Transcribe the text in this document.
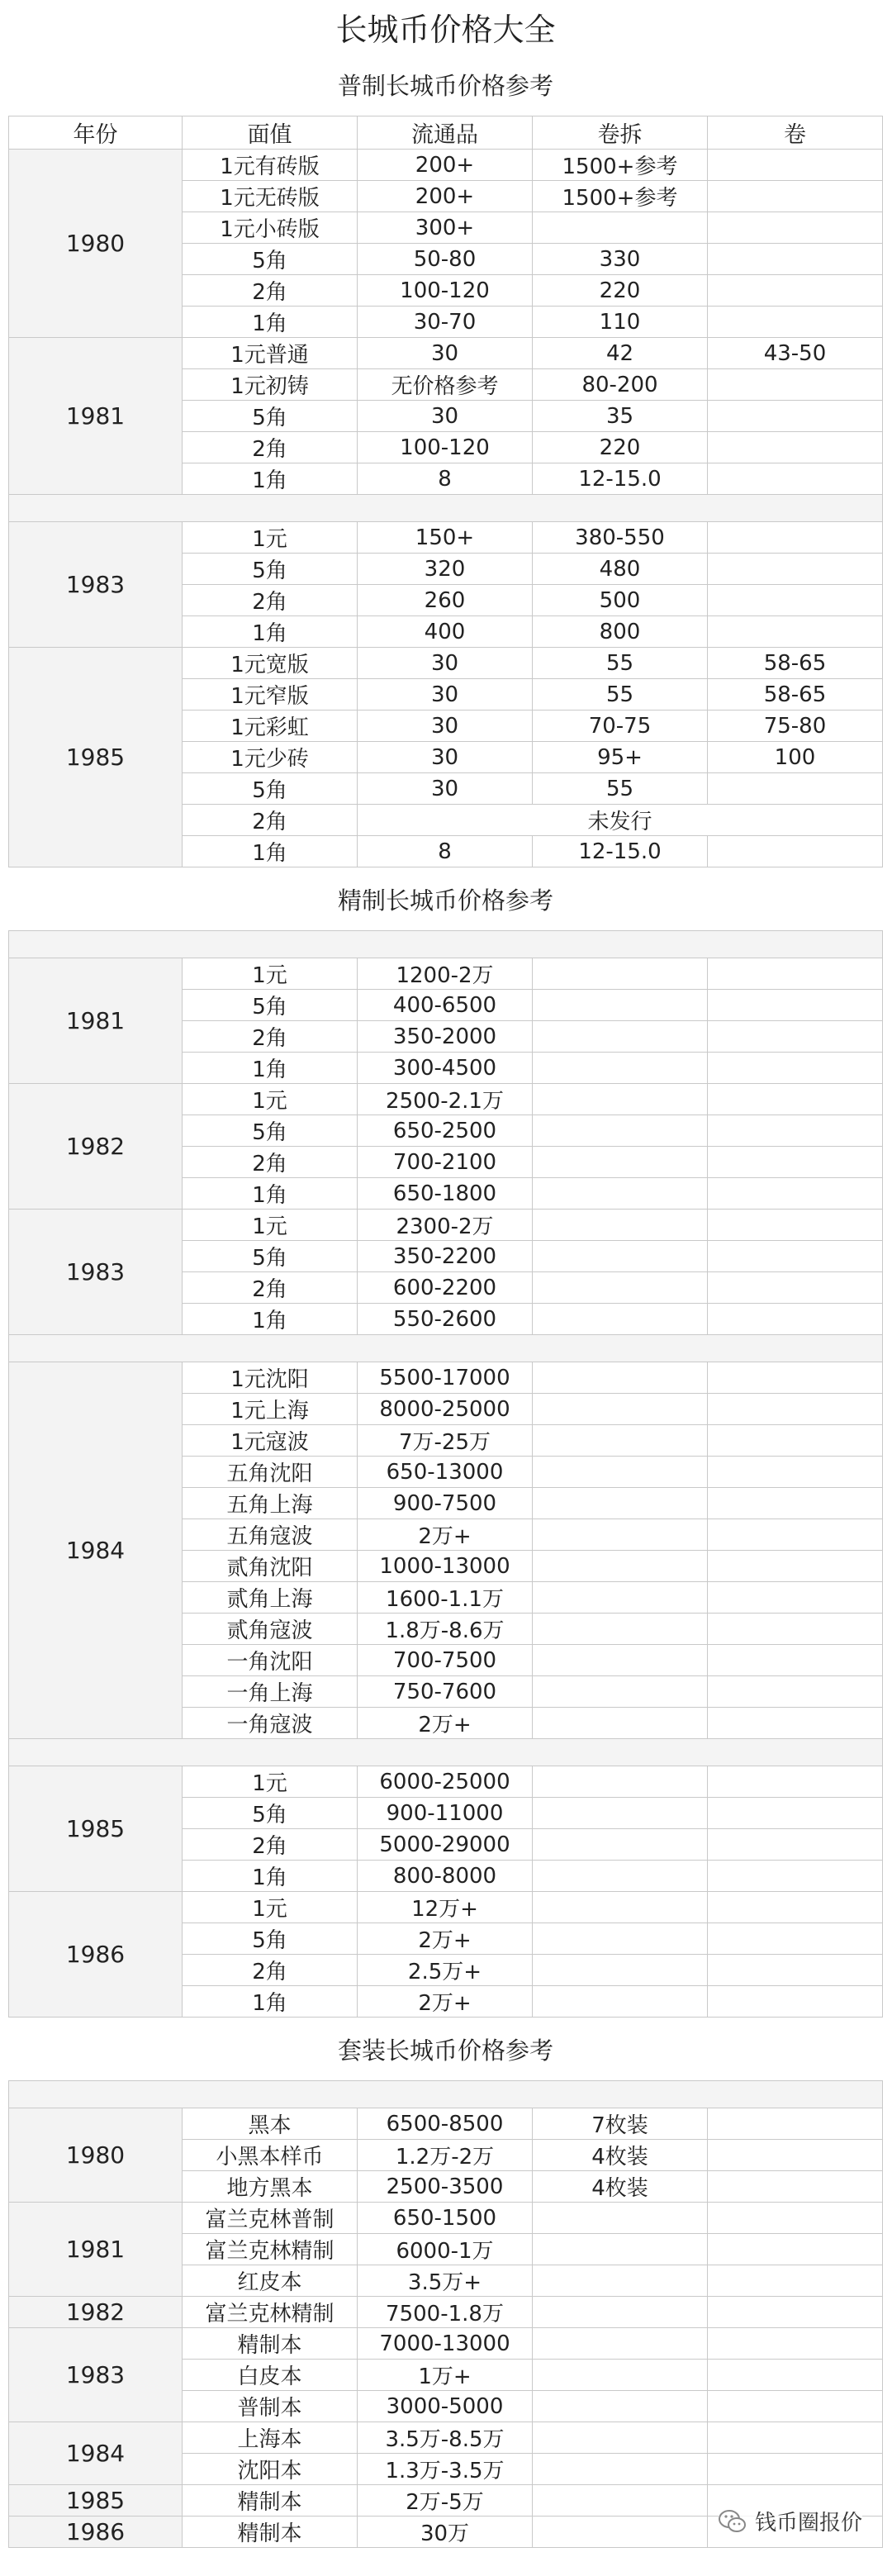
长城币价格大全				
普制长城币价格参考				
年份	面值	流通品	卷拆	卷
1980	1元有砖版	200+	1500+参考	
	1元无砖版	200+	1500+参考	
	1元小砖版	300+		
	5角	50-80	330	
	2角	100-120	220	
	1角	30-70	110	
1981	1元普通	30	42	43-50
	1元初铸	无价格参考	80-200	
	5角	30	35	
	2角	100-120	220	
	1角	8	12-15.0	

1983	1元	150+	380-550	
	5角	320	480	
	2角	260	500	
	1角	400	800	
1985	1元宽版	30	55	58-65
	1元窄版	30	55	58-65
	1元彩虹	30	70-75	75-80
	1元少砖	30	95+	100
	5角	30	55	
	2角	未发行		
	1角	8	12-15.0	
精制长城币价格参考				

1981	1元	1200-2万		
	5角	400-6500		
	2角	350-2000		
	1角	300-4500		
1982	1元	2500-2.1万		
	5角	650-2500		
	2角	700-2100		
	1角	650-1800		
1983	1元	2300-2万		
	5角	350-2200		
	2角	600-2200		
	1角	550-2600		

1984	1元沈阳	5500-17000		
	1元上海	8000-25000		
	1元寇波	7万-25万		
	五角沈阳	650-13000		
	五角上海	900-7500		
	五角寇波	2万+		
	贰角沈阳	1000-13000		
	贰角上海	1600-1.1万		
	贰角寇波	1.8万-8.6万		
	一角沈阳	700-7500		
	一角上海	750-7600		
	一角寇波	2万+		

1985	1元	6000-25000		
	5角	900-11000		
	2角	5000-29000		
	1角	800-8000		
1986	1元	12万+		
	5角	2万+		
	2角	2.5万+		
	1角	2万+		
套装长城币价格参考				

1980	黑本	6500-8500	7枚装	
	小黑本样币	1.2万-2万	4枚装	
	地方黑本	2500-3500	4枚装	
1981	富兰克林普制	650-1500		
	富兰克林精制	6000-1万		
	红皮本	3.5万+		
1982	富兰克林精制	7500-1.8万		
1983	精制本	7000-13000		
	白皮本	1万+		
	普制本	3000-5000		
1984	上海本	3.5万-8.5万		
	沈阳本	1.3万-3.5万		
1985	精制本	2万-5万		
1986	精制本	30万			钱币圈报价
